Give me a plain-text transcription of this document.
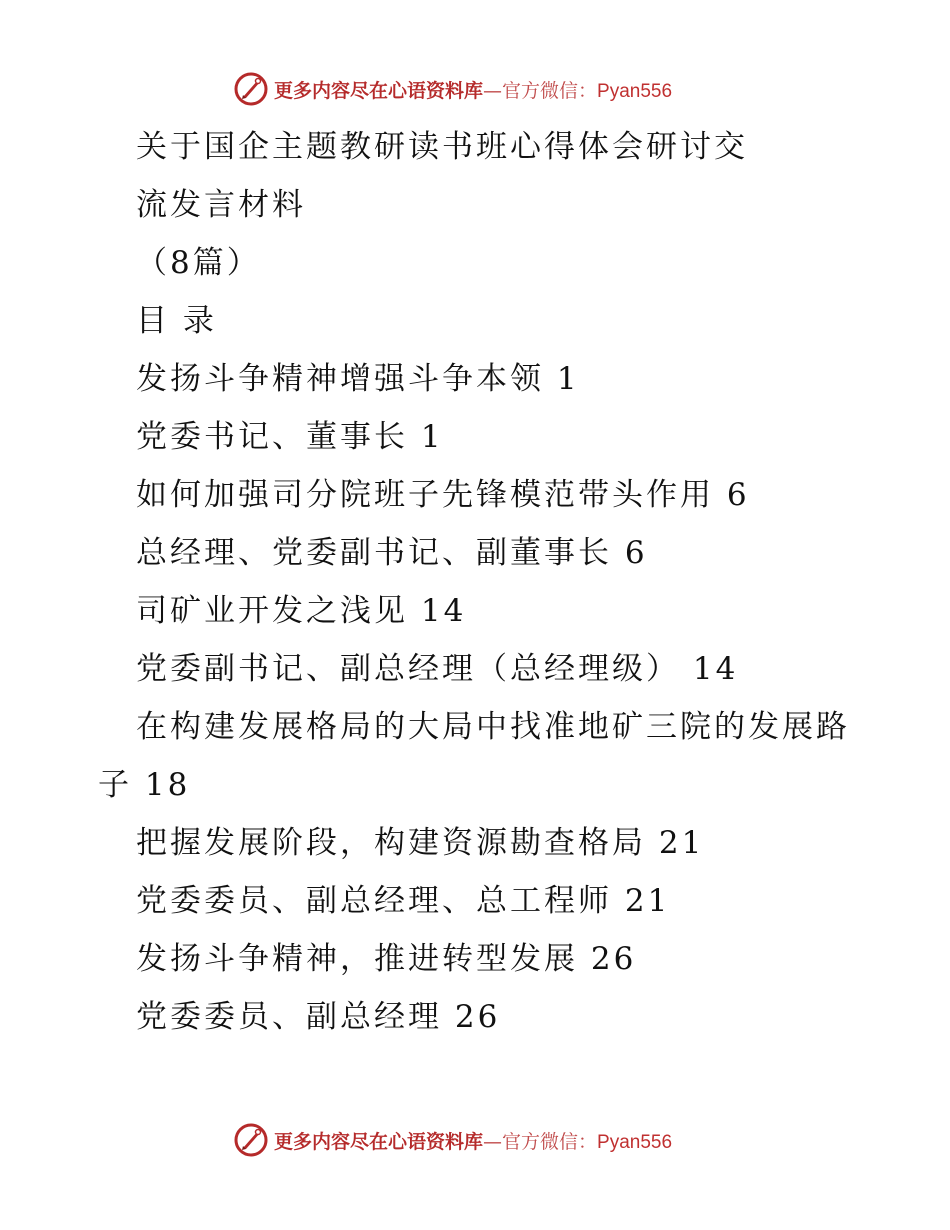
更多内容尽在心语资料库—官方微信：Pyan556
关于国企主题教研读书班心得体会研讨交
流发言材料
（8篇）
目 录
发扬斗争精神增强斗争本领 1
党委书记、董事长 1
如何加强司分院班子先锋模范带头作用 6
总经理、党委副书记、副董事长 6
司矿业开发之浅见 14
党委副书记、副总经理（总经理级） 14
在构建发展格局的大局中找准地矿三院的发展路
子 18
把握发展阶段，构建资源勘查格局 21
党委委员、副总经理、总工程师 21
发扬斗争精神，推进转型发展 26
党委委员、副总经理 26
更多内容尽在心语资料库—官方微信：Pyan556
